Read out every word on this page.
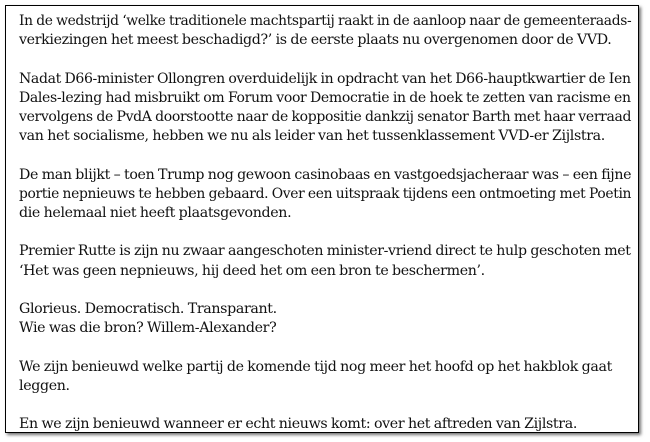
In de wedstrijd ‘welke traditionele machtspartij raakt in de aanloop naar de gemeenteraads-
verkiezingen het meest beschadigd?’ is de eerste plaats nu overgenomen door de VVD.

Nadat D66-minister Ollongren overduidelijk in opdracht van het D66-hauptkwartier de Ien
Dales-lezing had misbruikt om Forum voor Democratie in de hoek te zetten van racisme en
vervolgens de PvdA doorstootte naar de koppositie dankzij senator Barth met haar verraad
van het socialisme, hebben we nu als leider van het tussenklassement VVD-er Zijlstra.

De man blijkt – toen Trump nog gewoon casinobaas en vastgoedsjacheraar was – een fijne
portie nepnieuws te hebben gebaard. Over een uitspraak tijdens een ontmoeting met Poetin
die helemaal niet heeft plaatsgevonden.

Premier Rutte is zijn nu zwaar aangeschoten minister-vriend direct te hulp geschoten met
‘Het was geen nepnieuws, hij deed het om een bron te beschermen’.

Glorieus. Democratisch. Transparant.
Wie was die bron? Willem-Alexander?

We zijn benieuwd welke partij de komende tijd nog meer het hoofd op het hakblok gaat
leggen.

En we zijn benieuwd wanneer er echt nieuws komt: over het aftreden van Zijlstra.
